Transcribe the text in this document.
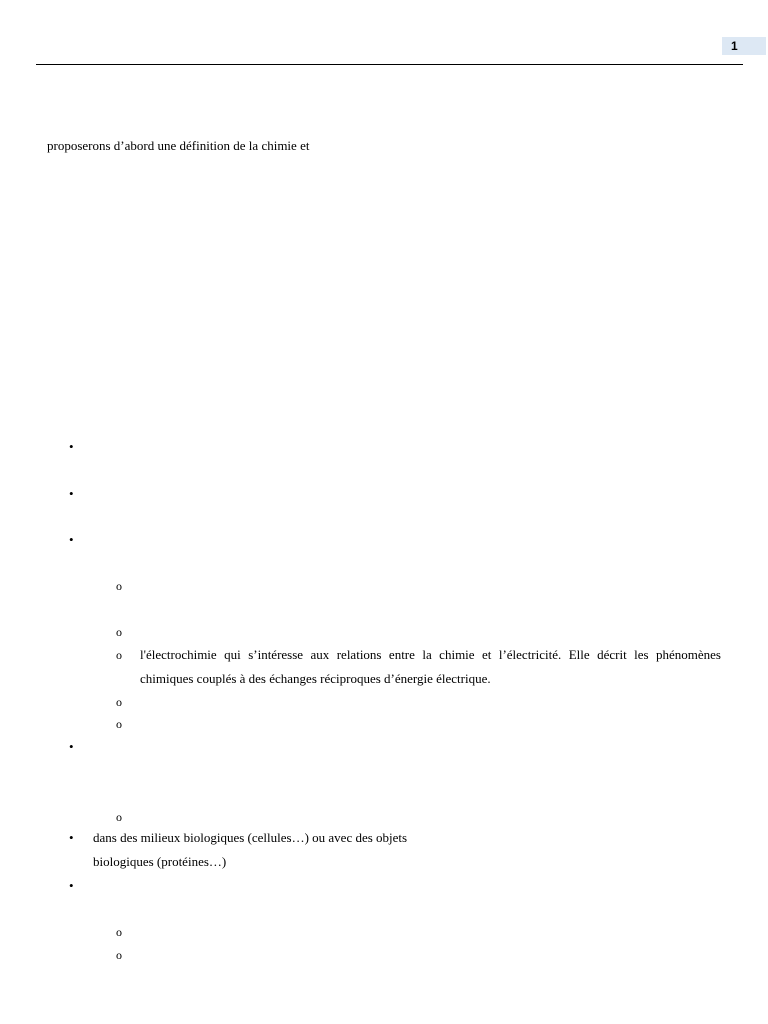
1
proposerons d’abord une définition de la chimie et
•
•
•
o
o
o l'électrochimie qui s’intéresse aux relations entre la chimie et l’électricité. Elle décrit les phénomènes chimiques couplés à des échanges réciproques d’énergie électrique.
o
o
•
o
• dans des milieux biologiques (cellules…) ou avec des objets
biologiques (protéines…)
•
o
o
